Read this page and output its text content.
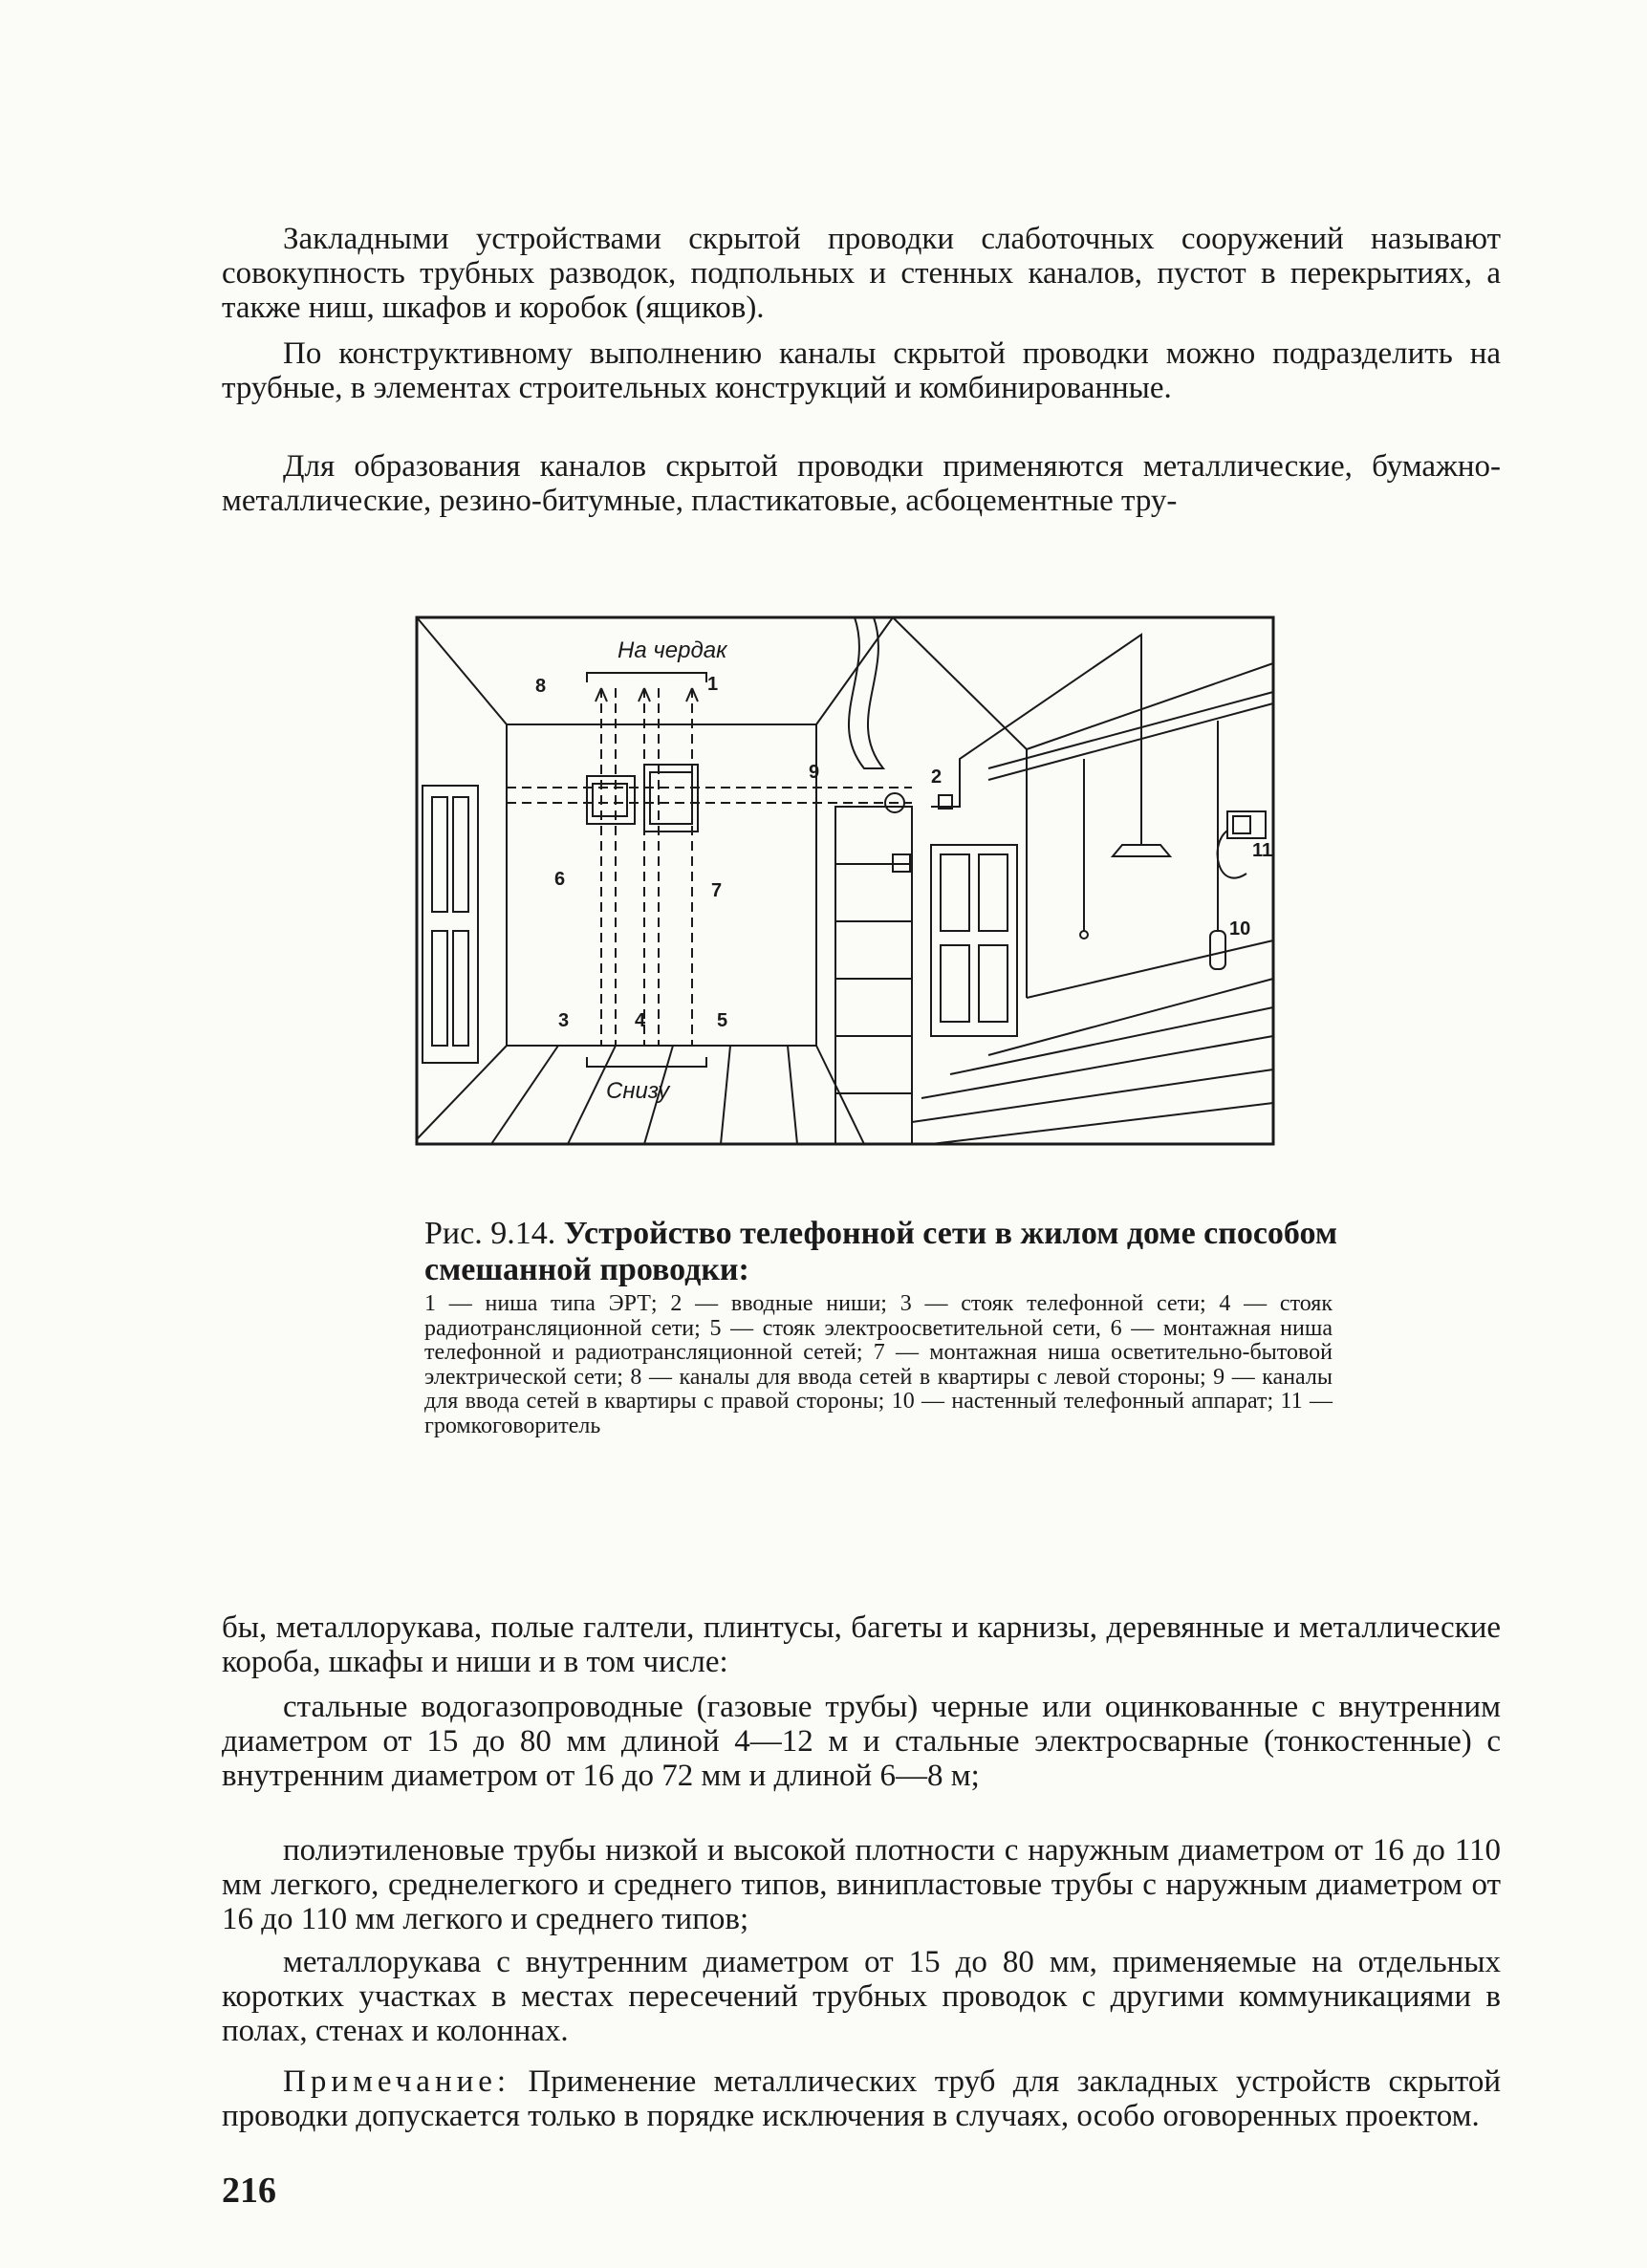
Закладными устройствами скрытой проводки слаботочных сооружений называют совокупность трубных разводок, подпольных и стенных каналов, пустот в перекрытиях, а также ниш, шкафов и коробок (ящиков).

По конструктивному выполнению каналы скрытой проводки можно подразделить на трубные, в элементах строительных конструкций и комбинированные.

Для образования каналов скрытой проводки применяются металлические, бумажно-металлические, резино-битумные, пластикатовые, асбоцементные тру-

На чердак
Снизу
1
2
3	4	5
6
7
8
9
10
11

Рис. 9.14. Устройство телефонной сети в жилом доме способом смешанной проводки:

1 — ниша типа ЭРТ; 2 — вводные ниши; 3 — стояк телефонной сети; 4 — стояк радиотрансляционной сети; 5 — стояк электроосветительной сети, 6 — монтажная ниша телефонной и радиотрансляционной сетей; 7 — монтажная ниша осветительно-бытовой электрической сети; 8 — каналы для ввода сетей в квартиры с левой стороны; 9 — каналы для ввода сетей в квартиры с правой стороны; 10 — настенный телефонный аппарат; 11 — громкоговоритель

бы, металлорукава, полые галтели, плинтусы, багеты и карнизы, деревянные и металлические короба, шкафы и ниши и в том числе:

стальные водогазопроводные (газовые трубы) черные или оцинкованные с внутренним диаметром от 15 до 80 мм длиной 4—12 м и стальные электросварные (тонкостенные) с внутренним диаметром от 16 до 72 мм и длиной 6—8 м;

полиэтиленовые трубы низкой и высокой плотности с наружным диаметром от 16 до 110 мм легкого, среднелегкого и среднего типов, винипластовые трубы с наружным диаметром от 16 до 110 мм легкого и среднего типов;

металлорукава с внутренним диаметром от 15 до 80 мм, применяемые на отдельных коротких участках в местах пересечений трубных проводок с другими коммуникациями в полах, стенах и колоннах.

Примечание: Применение металлических труб для закладных устройств скрытой проводки допускается только в порядке исключения в случаях, особо оговоренных проектом.

216
